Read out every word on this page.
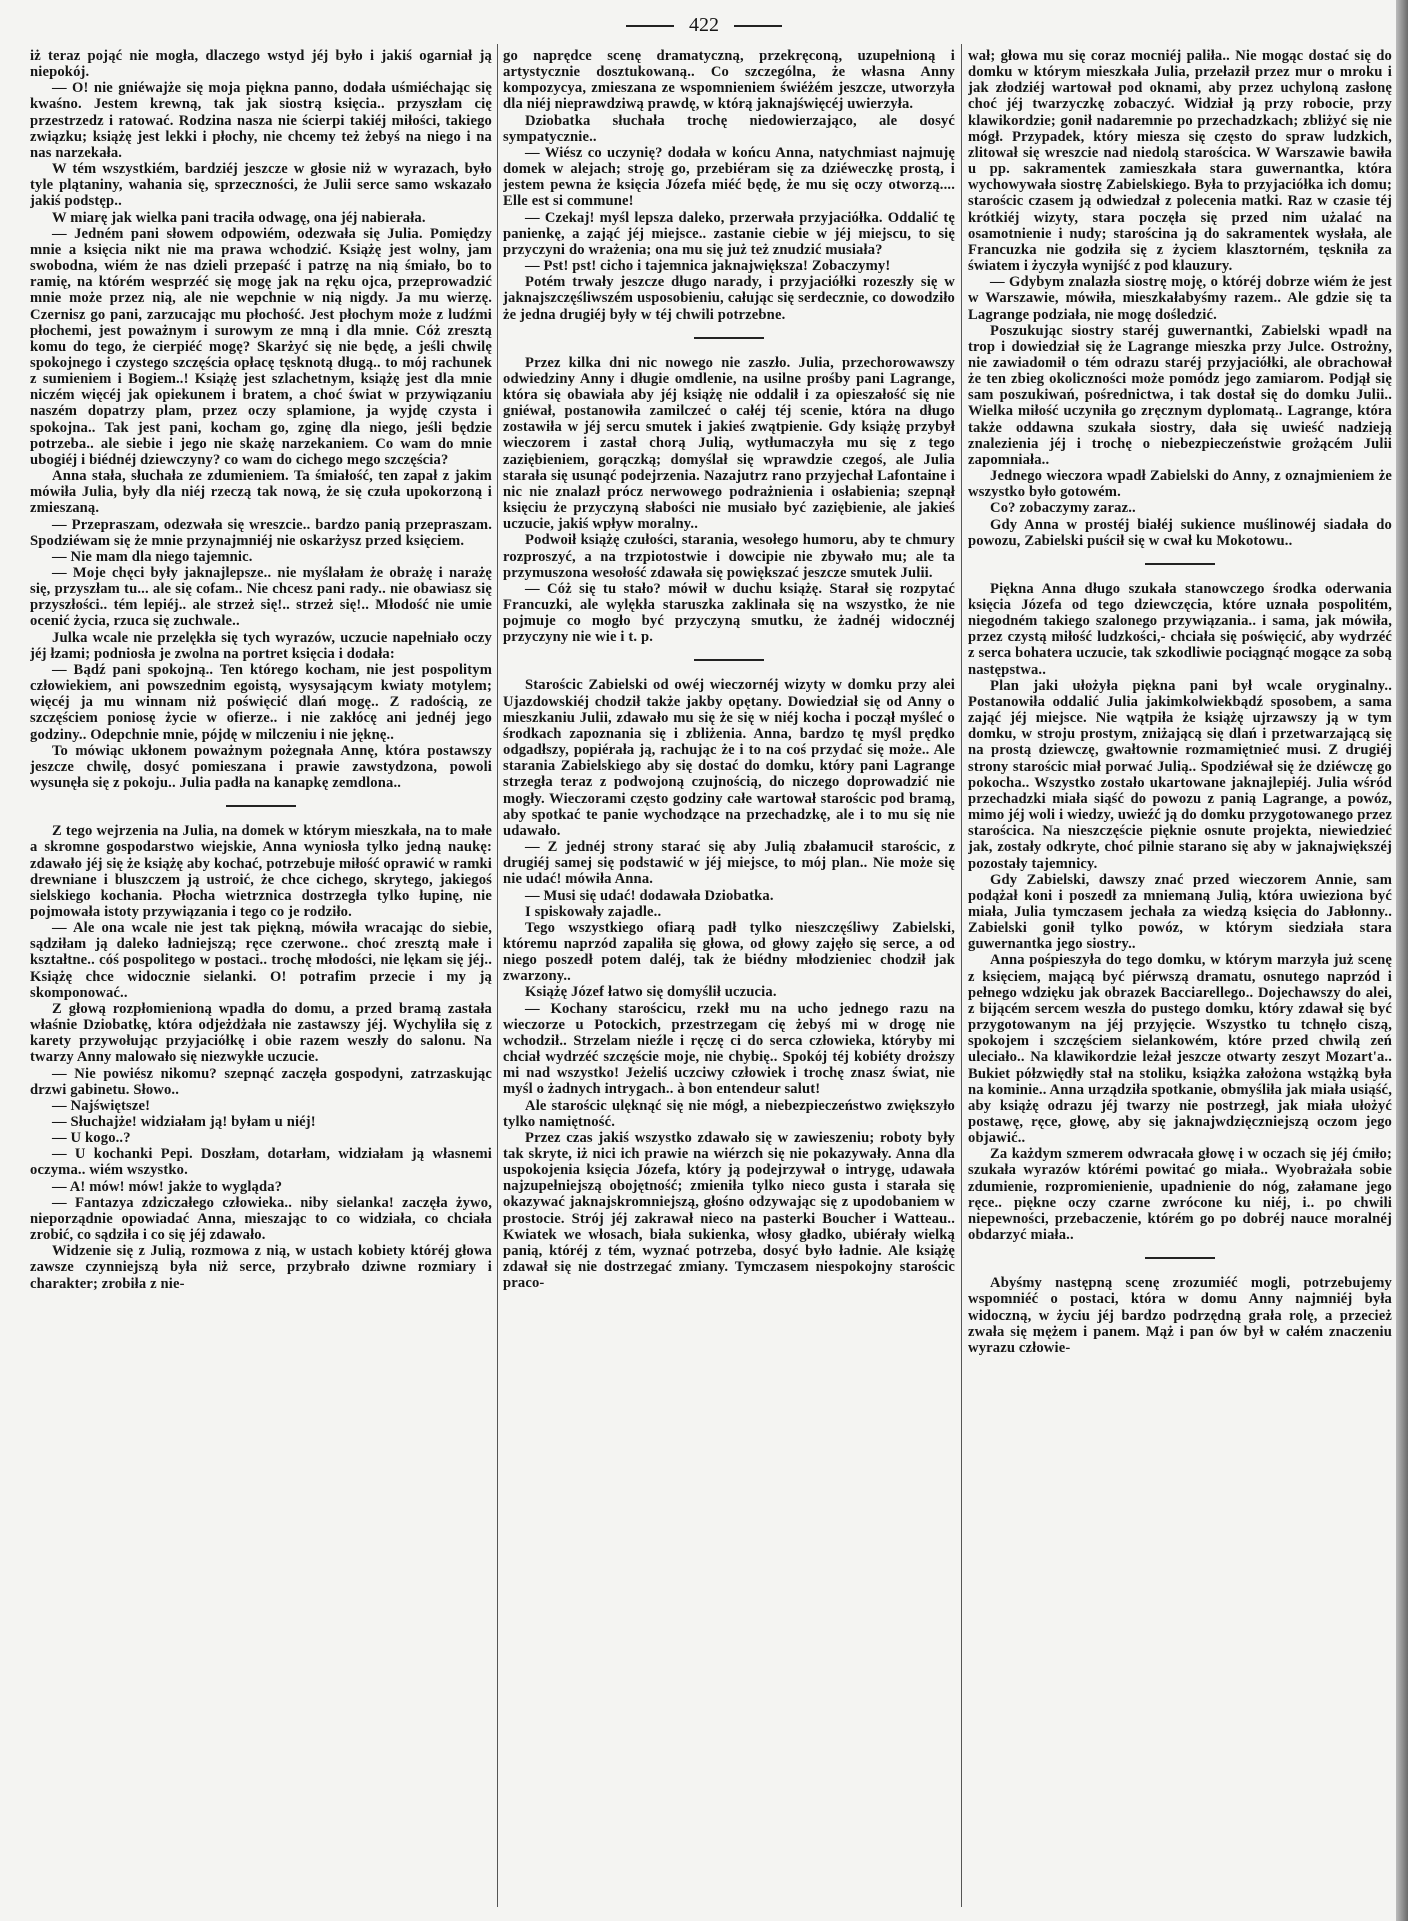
422

iż teraz pojąć nie mogła, dlaczego wstyd jéj było i jakiś ogarniał ją niepokój.

— O! nie gniéwajże się moja piękna panno, dodała uśmiéchając się kwaśno. Jestem krewną, tak jak siostrą księcia.. przyszłam cię przestrzedz i ratować. Rodzina nasza nie ścierpi takiéj miłości, takiego związku; książę jest lekki i płochy, nie chcemy też żebyś na niego i na nas narzekała.

W tém wszystkiém, bardziéj jeszcze w głosie niż w wyrazach, było tyle plątaniny, wahania się, sprzeczności, że Julii serce samo wskazało jakiś podstęp..

W miarę jak wielka pani traciła odwagę, ona jéj nabierała.

— Jedném pani słowem odpowiém, odezwała się Julia. Pomiędzy mnie a księcia nikt nie ma prawa wchodzić. Książę jest wolny, jam swobodna, wiém że nas dzieli przepaść i patrzę na nią śmiało, bo to ramię, na którém wesprzéć się mogę jak na ręku ojca, przeprowadzić mnie może przez nią, ale nie wepchnie w nią nigdy. Ja mu wierzę. Czernisz go pani, zarzucając mu płochość. Jest płochym może z ludźmi płochemi, jest poważnym i surowym ze mną i dla mnie. Cóż zresztą komu do tego, że cierpiéć mogę? Skarżyć się nie będę, a jeśli chwilę spokojnego i czystego szczęścia opłacę tęsknotą długą.. to mój rachunek z sumieniem i Bogiem..! Książę jest szlachetnym, książę jest dla mnie niczém więcéj jak opiekunem i bratem, a choć świat w przywiązaniu naszém dopatrzy plam, przez oczy splamione, ja wyjdę czysta i spokojna.. Tak jest pani, kocham go, zginę dla niego, jeśli będzie potrzeba.. ale siebie i jego nie skażę narzekaniem. Co wam do mnie ubogiéj i biédnéj dziewczyny? co wam do cichego mego szczęścia?

Anna stała, słuchała ze zdumieniem. Ta śmiałość, ten zapał z jakim mówiła Julia, były dla niéj rzeczą tak nową, że się czuła upokorzoną i zmieszaną.

— Przepraszam, odezwała się wreszcie.. bardzo panią przepraszam. Spodziéwam się że mnie przynajmniéj nie oskarżysz przed księciem.

— Nie mam dla niego tajemnic.

— Moje chęci były jaknajlepsze.. nie myślałam że obrażę i narażę się, przyszłam tu... ale się cofam.. Nie chcesz pani rady.. nie obawiasz się przyszłości.. tém lepiéj.. ale strzeż się!.. strzeż się!.. Młodość nie umie ocenić życia, rzuca się zuchwale..

Julka wcale nie przelękła się tych wyrazów, uczucie napełniało oczy jéj łzami; podniosła je zwolna na portret księcia i dodała:

— Bądź pani spokojną.. Ten którego kocham, nie jest pospolitym człowiekiem, ani powszednim egoistą, wysysającym kwiaty motylem; więcéj ja mu winnam niż poświęcić dlań mogę.. Z radością, ze szczęściem poniosę życie w ofierze.. i nie zakłócę ani jednéj jego godziny.. Odepchnie mnie, pójdę w milczeniu i nie jęknę..

To mówiąc ukłonem poważnym pożegnała Annę, która postawszy jeszcze chwilę, dosyć pomieszana i prawie zawstydzona, powoli wysunęła się z pokoju.. Julia padła na kanapkę zemdlona..

Z tego wejrzenia na Julia, na domek w którym mieszkała, na to małe a skromne gospodarstwo wiejskie, Anna wyniosła tylko jedną naukę: zdawało jéj się że książę aby kochać, potrzebuje miłość oprawić w ramki drewniane i bluszczem ją ustroić, że chce cichego, skrytego, jakiegoś sielskiego kochania. Płocha wietrznica dostrzegła tylko łupinę, nie pojmowała istoty przywiązania i tego co je rodziło.

— Ale ona wcale nie jest tak piękną, mówiła wracając do siebie, sądziłam ją daleko ładniejszą; ręce czerwone.. choć zresztą małe i kształtne.. cóś pospolitego w postaci.. trochę młodości, nie lękam się jéj.. Książę chce widocznie sielanki. O! potrafim przecie i my ją skomponować..

Z głową rozpłomienioną wpadła do domu, a przed bramą zastała właśnie Dziobatkę, która odjeżdżała nie zastawszy jéj. Wychyliła się z karety przywołując przyjaciółkę i obie razem weszły do salonu. Na twarzy Anny malowało się niezwykłe uczucie.

— Nie powiész nikomu? szepnąć zaczęła gospodyni, zatrzaskując drzwi gabinetu. Słowo..

— Najświętsze!

— Słuchajże! widziałam ją! byłam u niéj!

— U kogo..?

— U kochanki Pepi. Doszłam, dotarłam, widziałam ją własnemi oczyma.. wiém wszystko.

— A! mów! mów! jakże to wygląda?

— Fantazya zdziczałego człowieka.. niby sielanka! zaczęła żywo, nieporządnie opowiadać Anna, mieszając to co widziała, co chciała zrobić, co sądziła i co się jéj zdawało.

Widzenie się z Julią, rozmowa z nią, w ustach kobiety któréj głowa zawsze czynniejszą była niż serce, przybrało dziwne rozmiary i charakter; zrobiła z nie-

go naprędce scenę dramatyczną, przekręconą, uzupełnioną i artystycznie dosztukowaną.. Co szczególna, że własna Anny kompozycya, zmieszana ze wspomnieniem świéżém jeszcze, utworzyła dla niéj nieprawdziwą prawdę, w którą jaknajświęcéj uwierzyła.

Dziobatka słuchała trochę niedowierzająco, ale dosyć sympatycznie..

— Wiész co uczynię? dodała w końcu Anna, natychmiast najmuję domek w alejach; stroję go, przebiéram się za dziéweczkę prostą, i jestem pewna że księcia Józefa miéć będę, że mu się oczy otworzą.... Elle est si commune!

— Czekaj! myśl lepsza daleko, przerwała przyjaciółka. Oddalić tę panienkę, a zająć jéj miejsce.. zastanie ciebie w jéj miejscu, to się przyczyni do wrażenia; ona mu się już też znudzić musiała?

— Pst! pst! cicho i tajemnica jaknajwiększa! Zobaczymy!

Potém trwały jeszcze długo narady, i przyjaciółki rozeszły się w jaknajszczęśliwszém usposobieniu, całując się serdecznie, co dowodziło że jedna drugiéj były w téj chwili potrzebne.

Przez kilka dni nic nowego nie zaszło. Julia, przechorowawszy odwiedziny Anny i długie omdlenie, na usilne prośby pani Lagrange, która się obawiała aby jéj książę nie oddalił i za opieszałość się nie gniéwał, postanowiła zamilczeć o całéj téj scenie, która na długo zostawiła w jéj sercu smutek i jakieś zwątpienie. Gdy książę przybył wieczorem i zastał chorą Julią, wytłumaczyła mu się z tego zaziębieniem, gorączką; domyślał się wprawdzie czegoś, ale Julia starała się usunąć podejrzenia. Nazajutrz rano przyjechał Lafontaine i nic nie znalazł prócz nerwowego podrażnienia i osłabienia; szepnął księciu że przyczyną słabości nie musiało być zaziębienie, ale jakieś uczucie, jakiś wpływ moralny..

Podwoił książę czułości, starania, wesołego humoru, aby te chmury rozproszyć, a na trzpiotostwie i dowcipie nie zbywało mu; ale ta przymuszona wesołość zdawała się powiększać jeszcze smutek Julii.

— Cóż się tu stało? mówił w duchu książę. Starał się rozpytać Francuzki, ale wylękła staruszka zaklinała się na wszystko, że nie pojmuje co mogło być przyczyną smutku, że żadnéj widocznéj przyczyny nie wie i t. p.

Starościc Zabielski od owéj wieczornéj wizyty w domku przy alei Ujazdowskiéj chodził także jakby opętany. Dowiedział się od Anny o mieszkaniu Julii, zdawało mu się że się w niéj kocha i począł myśleć o środkach zapoznania się i zbliżenia. Anna, bardzo tę myśl prędko odgadłszy, popiérała ją, rachując że i to na coś przydać się może.. Ale starania Zabielskiego aby się dostać do domku, który pani Lagrange strzegła teraz z podwojoną czujnością, do niczego doprowadzić nie mogły. Wieczorami często godziny całe wartował starościc pod bramą, aby spotkać te panie wychodzące na przechadzkę, ale i to mu się nie udawało.

— Z jednéj strony starać się aby Julią zbałamucił starościc, z drugiéj samej się podstawić w jéj miejsce, to mój plan.. Nie może się nie udać! mówiła Anna.

— Musi się udać! dodawała Dziobatka.

I spiskowały zajadle..

Tego wszystkiego ofiarą padł tylko nieszczęśliwy Zabielski, któremu naprzód zapaliła się głowa, od głowy zajęło się serce, a od niego poszedł potem daléj, tak że biédny młodzieniec chodził jak zwarzony..

Książę Józef łatwo się domyślił uczucia.

— Kochany starościcu, rzekł mu na ucho jednego razu na wieczorze u Potockich, przestrzegam cię żebyś mi w drogę nie wchodził.. Strzelam nieźle i ręczę ci do serca człowieka, któryby mi chciał wydrzéć szczęście moje, nie chybię.. Spokój téj kobiéty droższy mi nad wszystko! Jeżeliś uczciwy człowiek i trochę znasz świat, nie myśl o żadnych intrygach.. à bon entendeur salut!

Ale starościc ulęknąć się nie mógł, a niebezpieczeństwo zwiększyło tylko namiętność.

Przez czas jakiś wszystko zdawało się w zawieszeniu; roboty były tak skryte, iż nici ich prawie na wiérzch się nie pokazywały. Anna dla uspokojenia księcia Józefa, który ją podejrzywał o intrygę, udawała najzupełniejszą obojętność; zmieniła tylko nieco gusta i starała się okazywać jaknajskromniejszą, głośno odzywając się z upodobaniem w prostocie. Strój jéj zakrawał nieco na pasterki Boucher i Watteau.. Kwiatek we włosach, biała sukienka, włosy gładko, ubiérały wielką panią, któréj z tém, wyznać potrzeba, dosyć było ładnie. Ale książę zdawał się nie dostrzegać zmiany. Tymczasem niespokojny starościc praco-

wał; głowa mu się coraz mocniéj paliła.. Nie mogąc dostać się do domku w którym mieszkała Julia, przełaził przez mur o mroku i jak złodziéj wartował pod oknami, aby przez uchyloną zasłonę choć jéj twarzyczkę zobaczyć. Widział ją przy robocie, przy klawikordzie; gonił nadaremnie po przechadzkach; zbliżyć się nie mógł. Przypadek, który miesza się często do spraw ludzkich, zlitował się wreszcie nad niedolą starościca. W Warszawie bawiła u pp. sakramentek zamieszkała stara guwernantka, która wychowywała siostrę Zabielskiego. Była to przyjaciółka ich domu; starościc czasem ją odwiedzał z polecenia matki. Raz w czasie téj krótkiéj wizyty, stara poczęła się przed nim użalać na osamotnienie i nudy; starościna ją do sakramentek wysłała, ale Francuzka nie godziła się z życiem klasztorném, tęskniła za światem i życzyła wynijść z pod klauzury.

— Gdybym znalazła siostrę moję, o któréj dobrze wiém że jest w Warszawie, mówiła, mieszkałabyśmy razem.. Ale gdzie się ta Lagrange podziała, nie mogę dośledzić.

Poszukując siostry staréj guwernantki, Zabielski wpadł na trop i dowiedział się że Lagrange mieszka przy Julce. Ostrożny, nie zawiadomił o tém odrazu staréj przyjaciółki, ale obrachował że ten zbieg okoliczności może pomódz jego zamiarom. Podjął się sam poszukiwań, pośrednictwa, i tak dostał się do domku Julii.. Wielka miłość uczyniła go zręcznym dyplomatą.. Lagrange, która także oddawna szukała siostry, dała się uwieść nadzieją znalezienia jéj i trochę o niebezpieczeństwie grożącém Julii zapomniała..

Jednego wieczora wpadł Zabielski do Anny, z oznajmieniem że wszystko było gotowém.

Co? zobaczymy zaraz..

Gdy Anna w prostéj białéj sukience muślinowéj siadała do powozu, Zabielski puścił się w cwał ku Mokotowu..

Piękna Anna długo szukała stanowczego środka oderwania księcia Józefa od tego dziewczęcia, które uznała pospolitém, niegodném takiego szalonego przywiązania.. i sama, jak mówiła, przez czystą miłość ludzkości,- chciała się poświęcić, aby wydrzéć z serca bohatera uczucie, tak szkodliwie pociągnąć mogące za sobą następstwa..

Plan jaki ułożyła piękna pani był wcale oryginalny.. Postanowiła oddalić Julia jakimkolwiekbądź sposobem, a sama zająć jéj miejsce. Nie wątpiła że książę ujrzawszy ją w tym domku, w stroju prostym, zniżającą się dlań i przetwarzającą się na prostą dziewczę, gwałtownie rozmamiętnieć musi. Z drugiéj strony starościc miał porwać Julią.. Spodziéwał się że dziéwczę go pokocha.. Wszystko zostało ukartowane jaknajlepiéj. Julia wśród przechadzki miała siąść do powozu z panią Lagrange, a powóz, mimo jéj woli i wiedzy, uwieźć ją do domku przygotowanego przez starościca. Na nieszczęście pięknie osnute projekta, niewiedzieć jak, zostały odkryte, choć pilnie starano się aby w jaknajwiększéj pozostały tajemnicy.

Gdy Zabielski, dawszy znać przed wieczorem Annie, sam podążał koni i poszedł za mniemaną Julią, która uwieziona być miała, Julia tymczasem jechała za wiedzą księcia do Jabłonny.. Zabielski gonił tylko powóz, w którym siedziała stara guwernantka jego siostry..

Anna pośpieszyła do tego domku, w którym marzyła już scenę z księciem, mającą być piérwszą dramatu, osnutego naprzód i pełnego wdzięku jak obrazek Bacciarellego.. Dojechawszy do alei, z bijącém sercem weszła do pustego domku, który zdawał się być przygotowanym na jéj przyjęcie. Wszystko tu tchnęło ciszą, spokojem i szczęściem sielankowém, które przed chwilą zeń uleciało.. Na klawikordzie leżał jeszcze otwarty zeszyt Mozart'a.. Bukiet półzwiędły stał na stoliku, książka założona wstążką była na kominie.. Anna urządziła spotkanie, obmyśliła jak miała usiąść, aby książę odrazu jéj twarzy nie postrzegł, jak miała ułożyć postawę, ręce, głowę, aby się jaknajwdzięczniejszą oczom jego objawić..

Za każdym szmerem odwracała głowę i w oczach się jéj ćmiło; szukała wyrazów którémi powitać go miała.. Wyobrażała sobie zdumienie, rozpromienienie, upadnienie do nóg, załamane jego ręce.. piękne oczy czarne zwrócone ku niéj, i.. po chwili niepewności, przebaczenie, którém go po dobréj nauce moralnéj obdarzyć miała..

Abyśmy następną scenę zrozumiéć mogli, potrzebujemy wspomniéć o postaci, która w domu Anny najmniéj była widoczną, w życiu jéj bardzo podrzędną grała rolę, a przecież zwała się mężem i panem. Mąż i pan ów był w całém znaczeniu wyrazu człowie-
